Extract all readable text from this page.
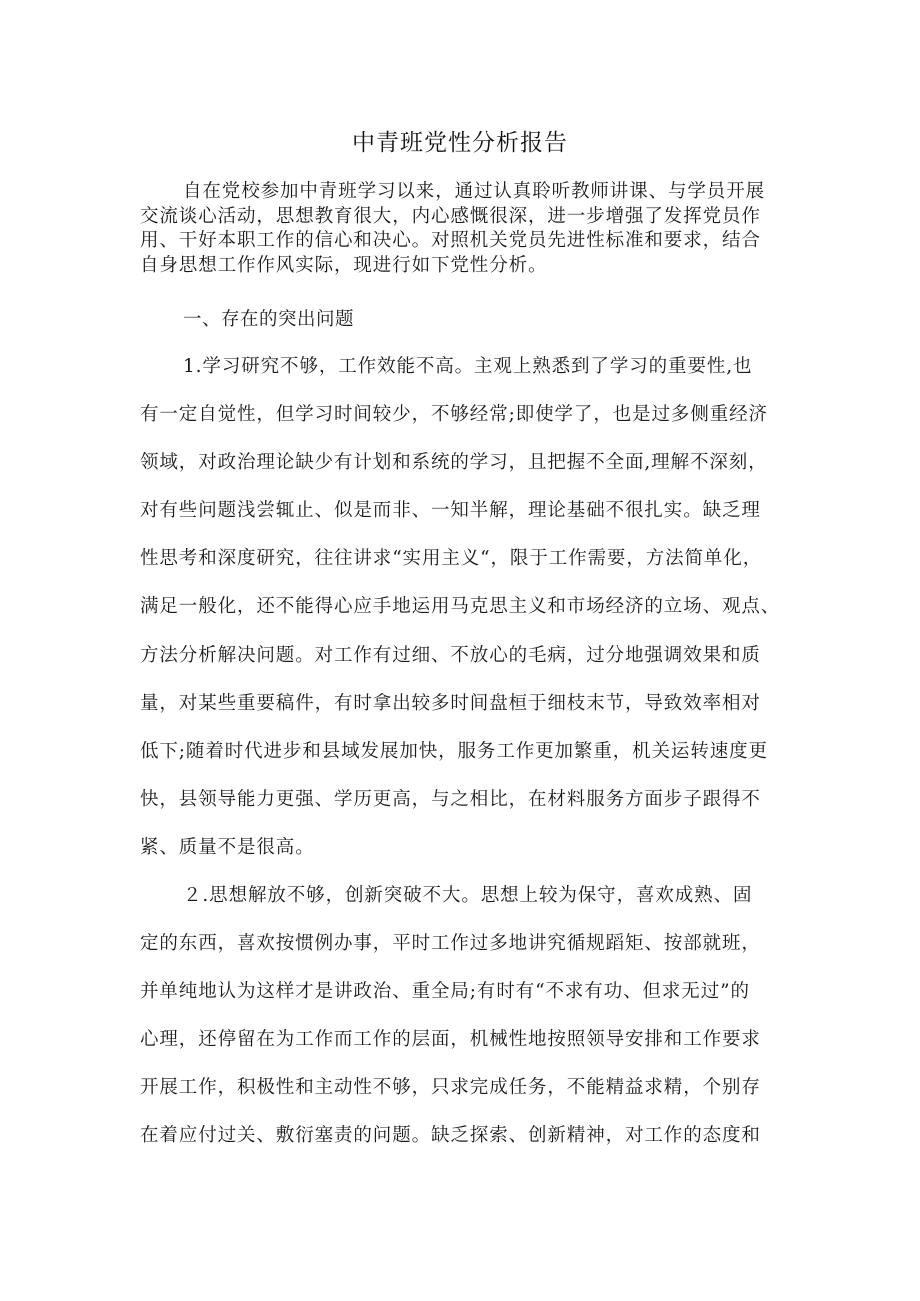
中青班党性分析报告
自在党校参加中青班学习以来，通过认真聆听教师讲课、与学员开展
交流谈心活动，思想教育很大，内心感慨很深，进一步增强了发挥党员作
用、干好本职工作的信心和决心。对照机关党员先进性标准和要求，结合
自身思想工作作风实际，现进行如下党性分析。
一、存在的突出问题
1.学习研究不够，工作效能不高。主观上熟悉到了学习的重要性,也
有一定自觉性，但学习时间较少，不够经常;即使学了，也是过多侧重经济
领域，对政治理论缺少有计划和系统的学习，且把握不全面,理解不深刻，
对有些问题浅尝辄止、似是而非、一知半解，理论基础不很扎实。缺乏理
性思考和深度研究，往往讲求“实用主义“，限于工作需要，方法简单化，
满足一般化，还不能得心应手地运用马克思主义和市场经济的立场、观点、
方法分析解决问题。对工作有过细、不放心的毛病，过分地强调效果和质
量，对某些重要稿件，有时拿出较多时间盘桓于细枝末节，导致效率相对
低下;随着时代进步和县域发展加快，服务工作更加繁重，机关运转速度更
快，县领导能力更强、学历更高，与之相比，在材料服务方面步子跟得不
紧、质量不是很高。
２.思想解放不够，创新突破不大。思想上较为保守，喜欢成熟、固
定的东西，喜欢按惯例办事，平时工作过多地讲究循规蹈矩、按部就班，
并单纯地认为这样才是讲政治、重全局;有时有“不求有功、但求无过”的
心理，还停留在为工作而工作的层面，机械性地按照领导安排和工作要求
开展工作，积极性和主动性不够，只求完成任务，不能精益求精，个别存
在着应付过关、敷衍塞责的问题。缺乏探索、创新精神，对工作的态度和
